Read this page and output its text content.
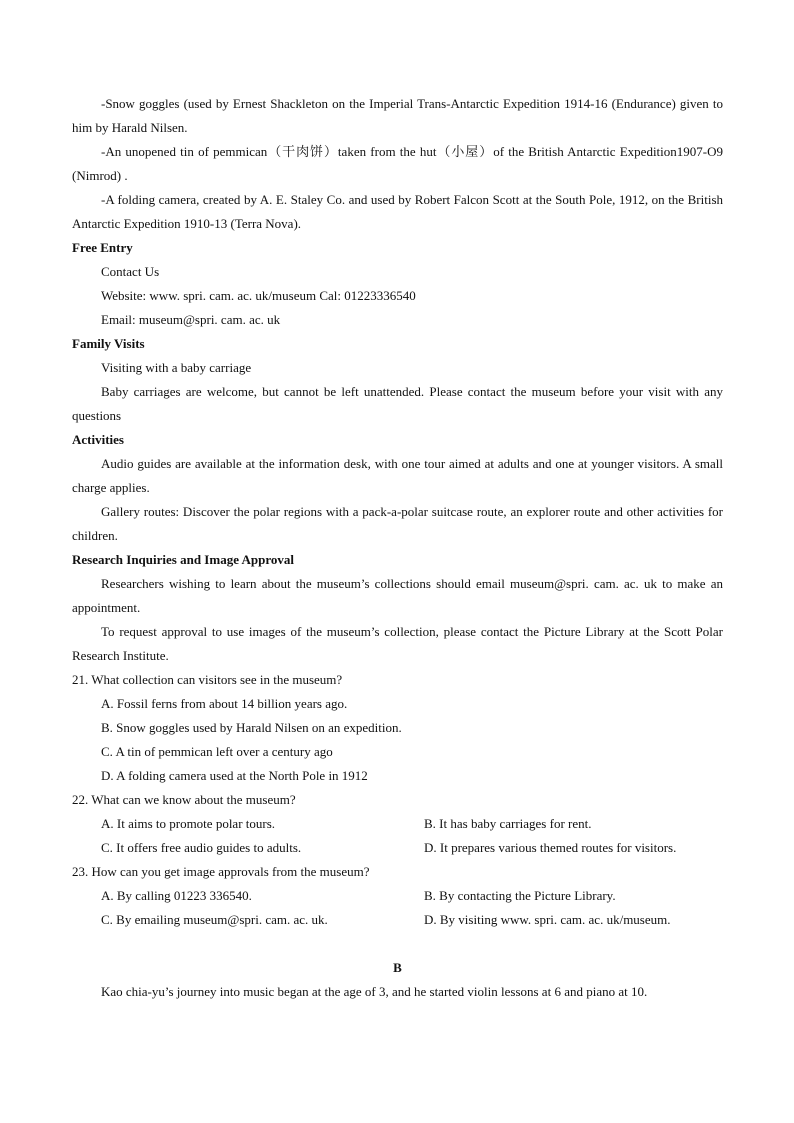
-Snow goggles (used by Ernest Shackleton on the Imperial Trans-Antarctic Expedition 1914-16 (Endurance) given to him by Harald Nilsen.

-An unopened tin of pemmican（干肉饼）taken from the hut（小屋）of the British Antarctic Expedition1907-O9 (Nimrod) .

-A folding camera, created by A. E. Staley Co. and used by Robert Falcon Scott at the South Pole, 1912, on the British Antarctic Expedition 1910-13 (Terra Nova).

Free Entry

Contact Us

Website: www. spri. cam. ac. uk/museum Cal: 01223336540

Email: museum@spri. cam. ac. uk

Family Visits

Visiting with a baby carriage

Baby carriages are welcome, but cannot be left unattended. Please contact the museum before your visit with any questions

Activities

Audio guides are available at the information desk, with one tour aimed at adults and one at younger visitors. A small charge applies.

Gallery routes: Discover the polar regions with a pack-a-polar suitcase route, an explorer route and other activities for children.

Research Inquiries and Image Approval

Researchers wishing to learn about the museum’s collections should email museum@spri. cam. ac. uk to make an appointment.

To request approval to use images of the museum’s collection, please contact the Picture Library at the Scott Polar Research Institute.

21. What collection can visitors see in the museum?

A. Fossil ferns from about 14 billion years ago.

B. Snow goggles used by Harald Nilsen on an expedition.

C. A tin of pemmican left over a century ago

D. A folding camera used at the North Pole in 1912

22. What can we know about the museum?

A. It aims to promote polar tours.	B. It has baby carriages for rent.
C. It offers free audio guides to adults.	D. It prepares various themed routes for visitors.

23. How can you get image approvals from the museum?

A. By calling 01223 336540.	B. By contacting the Picture Library.
C. By emailing museum@spri. cam. ac. uk.	D. By visiting www. spri. cam. ac. uk/museum.

B

Kao chia-yu’s journey into music began at the age of 3, and he started violin lessons at 6 and piano at 10.
